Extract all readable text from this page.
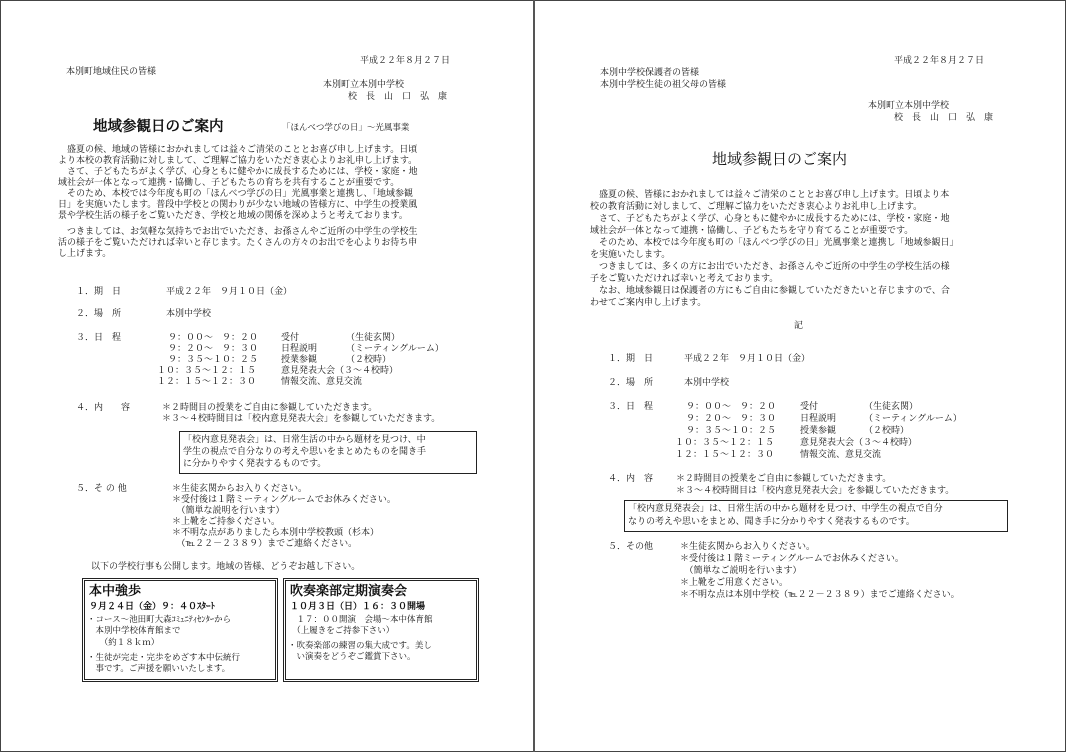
平成２２年８月２７日
本別町地域住民の皆様
本別町立本別中学校
校　長　山　口　弘　康
地域参観日のご案内	「ほんべつ学びの日」～光風事業
　盛夏の候、地域の皆様におかれましては益々ご清栄のこととお喜び申し上げます。日頃
より本校の教育活動に対しまして、ご理解ご協力をいただき衷心よりお礼申し上げます。
　さて、子どもたちがよく学び、心身ともに健やかに成長するためには、学校・家庭・地
域社会が一体となって連携・協働し、子どもたちの育ちを共有することが重要です。
　そのため、本校では今年度も町の「ほんべつ学びの日」光風事業と連携し、「地域参観
日」を実施いたします。普段中学校との関わりが少ない地域の皆様方に、中学生の授業風
景や学校生活の様子をご覧いただき、学校と地域の関係を深めようと考えております。
　つきましては、お気軽な気持ちでお出でいただき、お孫さんやご近所の中学生の学校生
活の様子をご覧いただければ幸いと存じます。たくさんの方々のお出でを心よりお待ち申
し上げます。
１．期　日	平成２２年　９月１０日（金）
２．場　所	本別中学校
３．日　程	９：００～　９：２０	受付	（生徒玄関）
９：２０～　９：３０	日程説明	（ミーティングルーム）
９：３５～１０：２５	授業参観	（２校時）
１０：３５～１２：１５	意見発表大会（３～４校時）
１２：１５～１２：３０	情報交流、意見交流
４．内　　容	＊２時間目の授業をご自由に参観していただきます。
＊３～４校時間目は「校内意見発表大会」を参観していただきます。
「校内意見発表会」は、日常生活の中から題材を見つけ、中
学生の視点で自分なりの考えや思いをまとめたものを聞き手
に分かりやすく発表するものです。
５．そ の 他	＊生徒玄関からお入りください。
＊受付後は１階ミーティングルームでお休みください。
　（簡単な説明を行います）
＊上靴をご持参ください。
＊不明な点がありましたら本別中学校教頭（杉本）
　（℡２２－２３８９）までご連絡ください。
以下の学校行事も公開します。地域の皆様、どうぞお越し下さい。
本中強歩
９月２４日（金）９：４０ｽﾀｰﾄ
・コース～池田町大森ｺﾐｭﾆﾃｨｾﾝﾀｰから
　本別中学校体育館まで
　　（約１８ｋｍ）
・生徒が完走・完歩をめざす本中伝統行
　事です。ご声援を願いいたします。
吹奏楽部定期演奏会
１０月３日（日）１６：３０開場
　１７：００開演　会場～本中体育館
　（上履きをご持参下さい）
・吹奏楽部の練習の集大成です。美し
　い演奏をどうぞご鑑賞下さい。
平成２２年８月２７日
本別中学校保護者の皆様
本別中学校生徒の祖父母の皆様
本別町立本別中学校
校　長　山　口　弘　康
地域参観日のご案内
　盛夏の候、皆様におかれましては益々ご清栄のこととお喜び申し上げます。日頃より本
校の教育活動に対しまして、ご理解ご協力をいただき衷心よりお礼申し上げます。
　さて、子どもたちがよく学び、心身ともに健やかに成長するためには、学校・家庭・地
域社会が一体となって連携・協働し、子どもたちを守り育てることが重要です。
　そのため、本校では今年度も町の「ほんべつ学びの日」光風事業と連携し「地域参観日」
を実施いたします。
　つきましては、多くの方にお出でいただき、お孫さんやご近所の中学生の学校生活の様
子をご覧いただければ幸いと考えております。
　なお、地域参観日は保護者の方にもご自由に参観していただきたいと存じますので、合
わせてご案内申し上げます。
記
１．期　日	平成２２年　９月１０日（金）
２．場　所	本別中学校
３．日　程	９：００～　９：２０	受付	（生徒玄関）
９：２０～　９：３０	日程説明	（ミーティングルーム）
９：３５～１０：２５	授業参観	（２校時）
１０：３５～１２：１５	意見発表大会（３～４校時）
１２：１５～１２：３０	情報交流、意見交流
４．内　容	＊２時間目の授業をご自由に参観していただきます。
＊３～４校時間目は「校内意見発表大会」を参観していただきます。
「校内意見発表会」は、日常生活の中から題材を見つけ、中学生の視点で自分
なりの考えや思いをまとめ、聞き手に分かりやすく発表するものです。
５．その他	＊生徒玄関からお入りください。
＊受付後は１階ミーティングルームでお休みください。
　（簡単なご説明を行います）
＊上靴をご用意ください。
＊不明な点は本別中学校（℡２２－２３８９）までご連絡ください。
